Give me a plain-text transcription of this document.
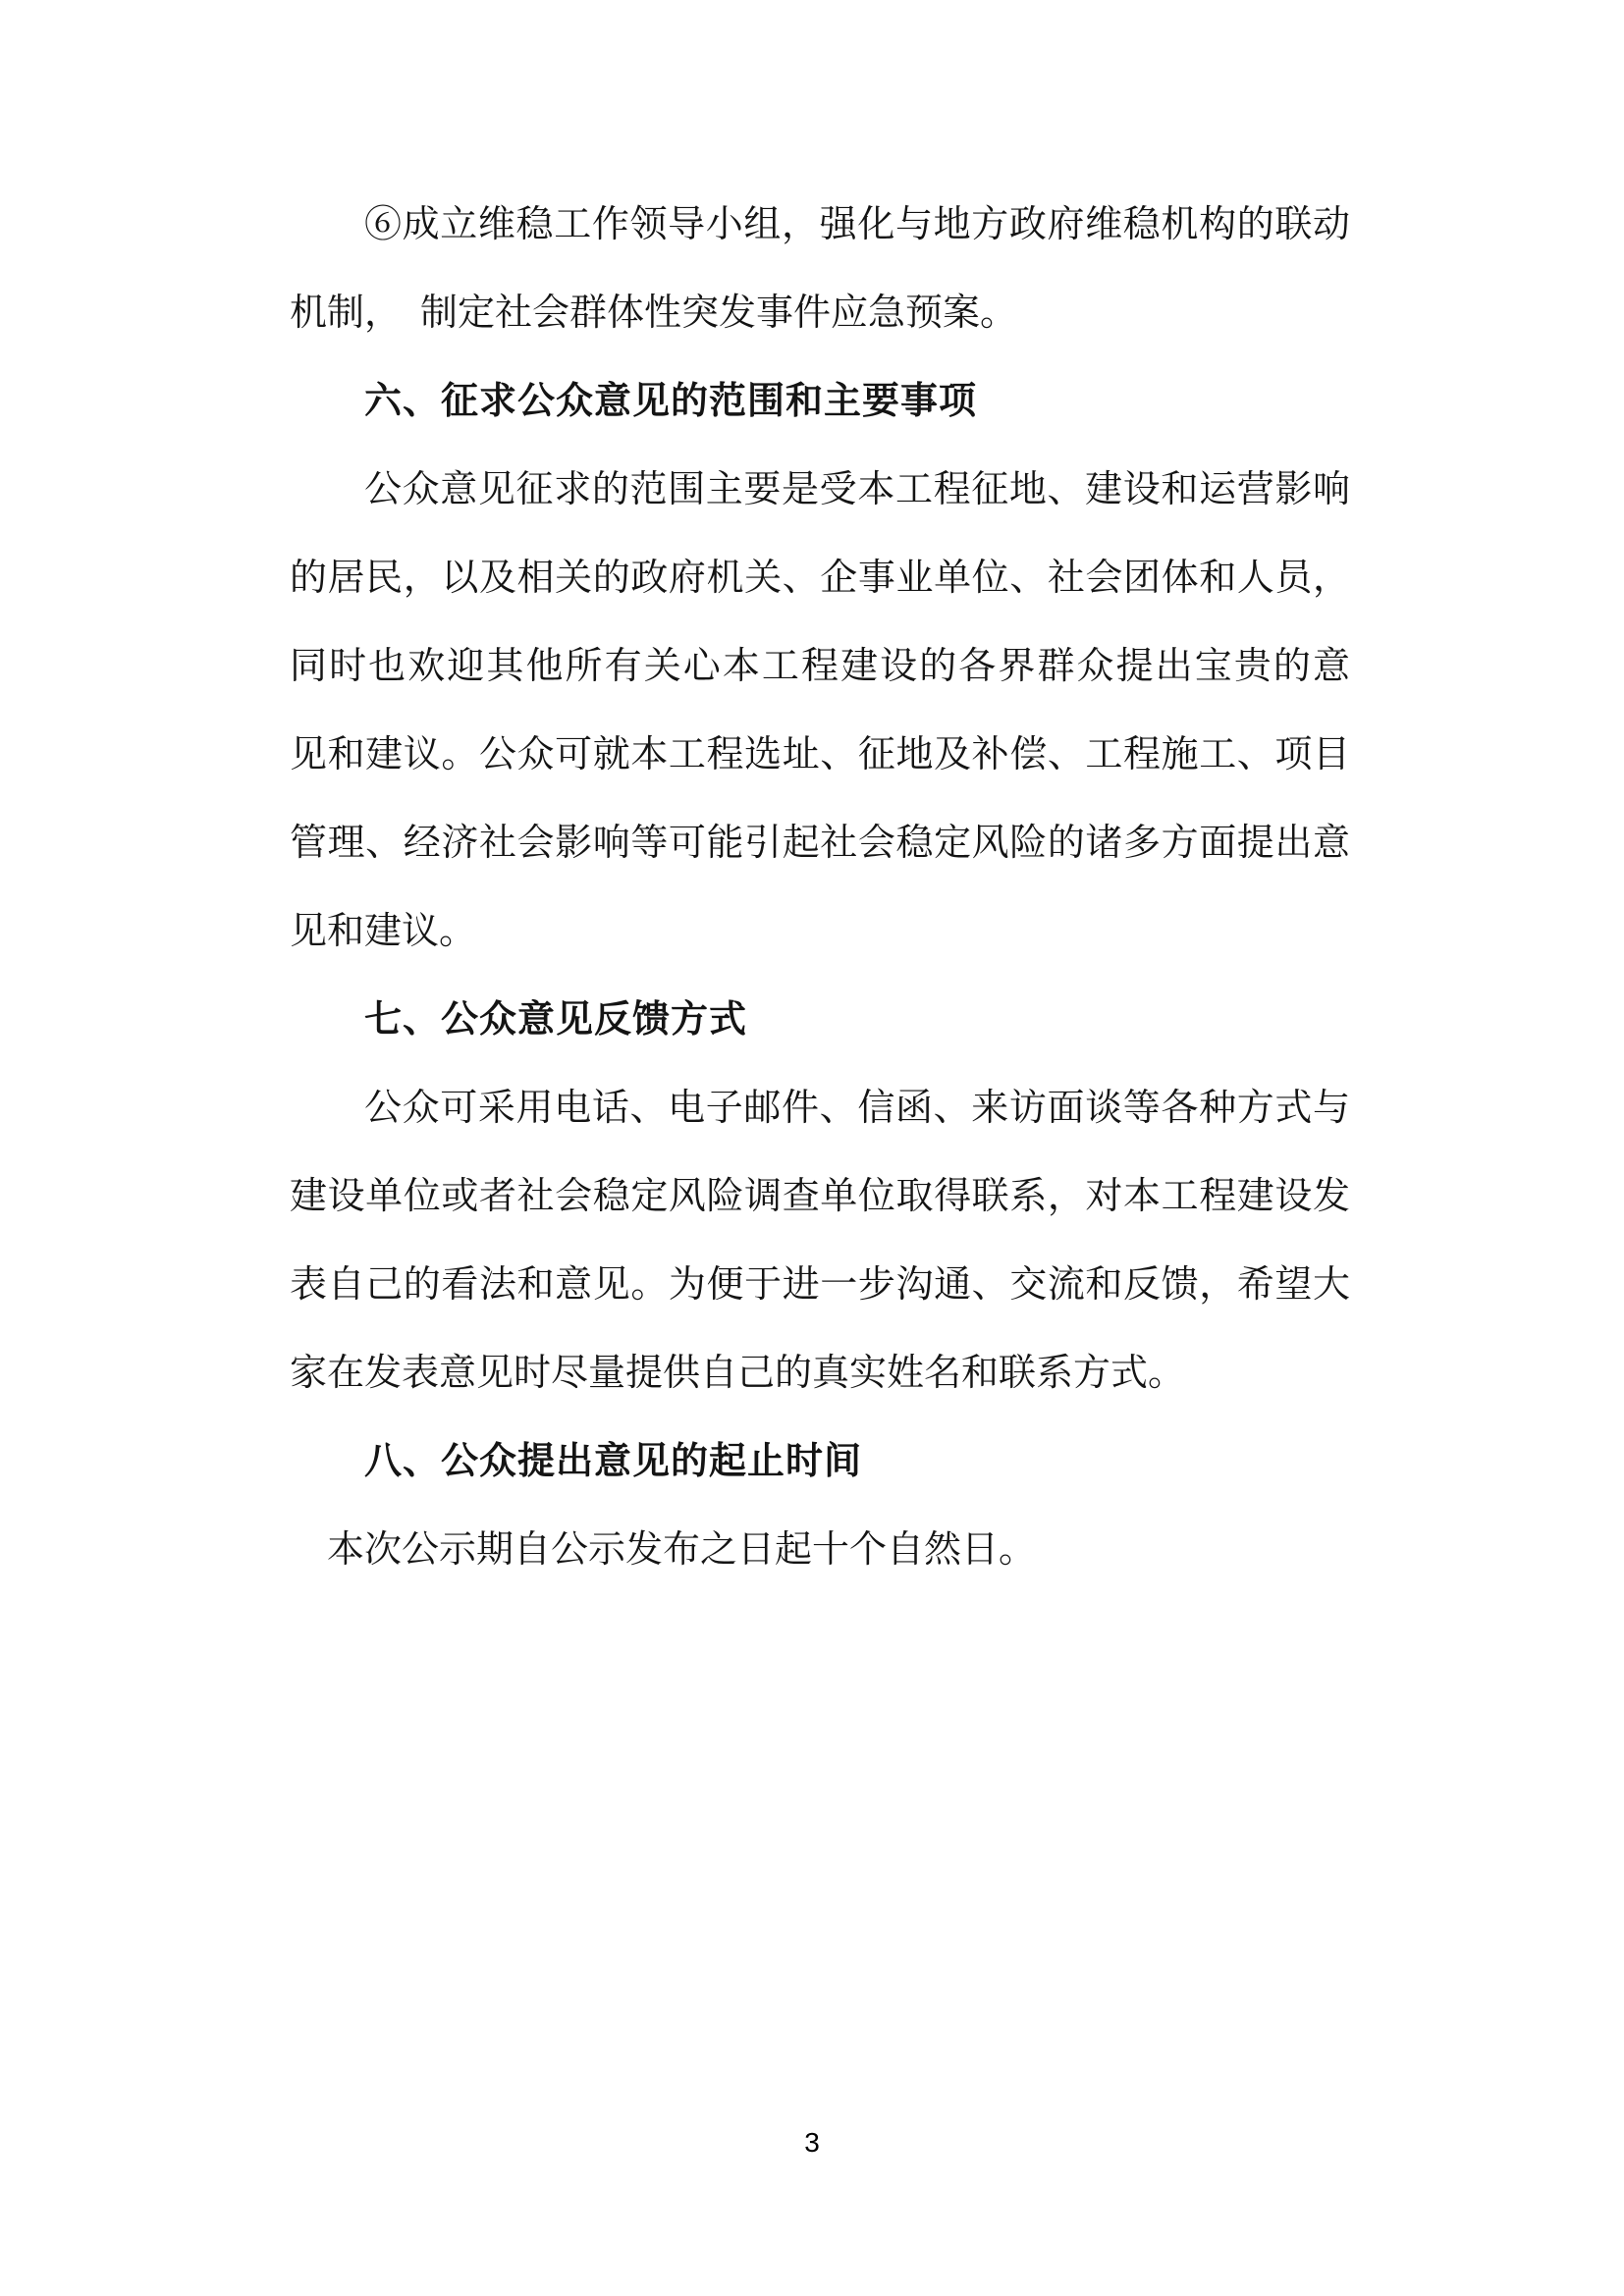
⑥成立维稳工作领导小组，强化与地方政府维稳机构的联动
机制，　制定社会群体性突发事件应急预案。
六、征求公众意见的范围和主要事项
公众意见征求的范围主要是受本工程征地、建设和运营影响
的居民，以及相关的政府机关、企事业单位、社会团体和人员，
同时也欢迎其他所有关心本工程建设的各界群众提出宝贵的意
见和建议。公众可就本工程选址、征地及补偿、工程施工、项目
管理、经济社会影响等可能引起社会稳定风险的诸多方面提出意
见和建议。
七、公众意见反馈方式
公众可采用电话、电子邮件、信函、来访面谈等各种方式与
建设单位或者社会稳定风险调查单位取得联系，对本工程建设发
表自己的看法和意见。为便于进一步沟通、交流和反馈，希望大
家在发表意见时尽量提供自己的真实姓名和联系方式。
八、公众提出意见的起止时间
本次公示期自公示发布之日起十个自然日。
3
